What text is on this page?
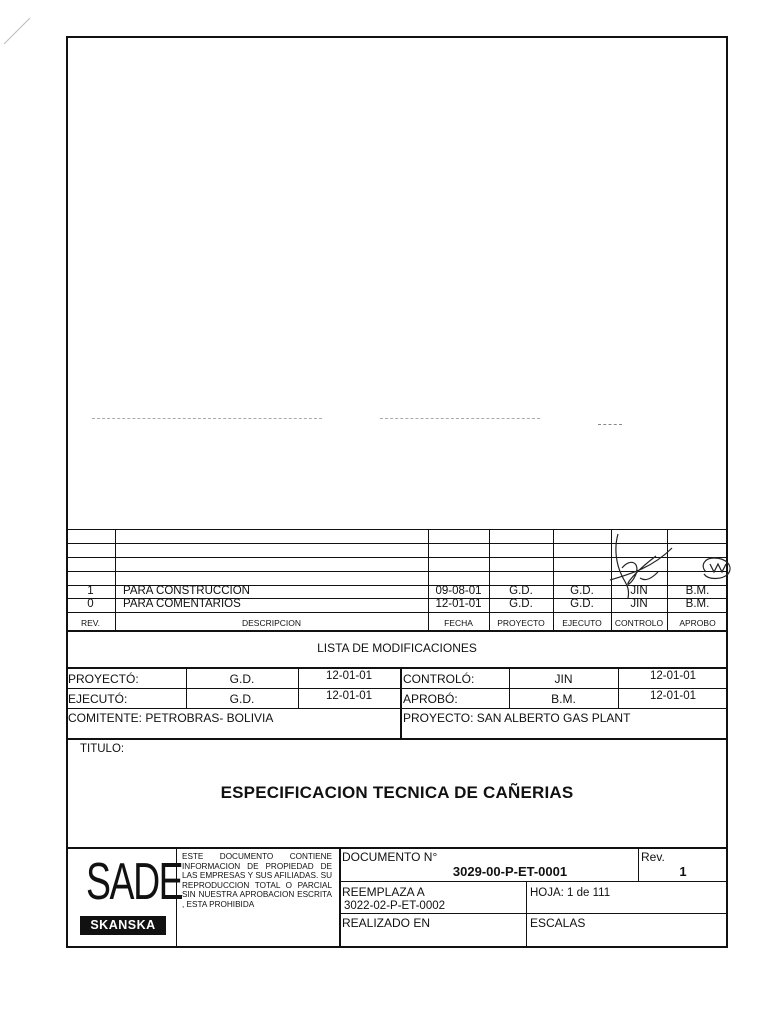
1	PARA CONSTRUCCION	09-08-01	G.D.	G.D.	JIN	B.M.
0	PARA COMENTARIOS	12-01-01	G.D.	G.D.	JIN	B.M.
REV.	DESCRIPCION	FECHA	PROYECTO	EJECUTO	CONTROLO	APROBO
LISTA DE MODIFICACIONES
PROYECTÓ:	G.D.	12-01-01	CONTROLÓ:	JIN	12-01-01
EJECUTÓ:	G.D.	12-01-01	APROBÓ:	B.M.	12-01-01
COMITENTE: PETROBRAS- BOLIVIA	PROYECTO: SAN ALBERTO GAS PLANT
TITULO:
ESPECIFICACION TECNICA DE CAÑERIAS
SADE
SKANSKA
ESTE DOCUMENTO CONTIENE INFORMACION DE PROPIEDAD DE LAS EMPRESAS Y SUS AFILIADAS. SU REPRODUCCION TOTAL O PARCIAL SIN NUESTRA APROBACION ESCRITA , ESTA PROHIBIDA
DOCUMENTO N°
3029-00-P-ET-0001
Rev.
1
REEMPLAZA A
3022-02-P-ET-0002
HOJA: 1 de 111
REALIZADO EN	ESCALAS
